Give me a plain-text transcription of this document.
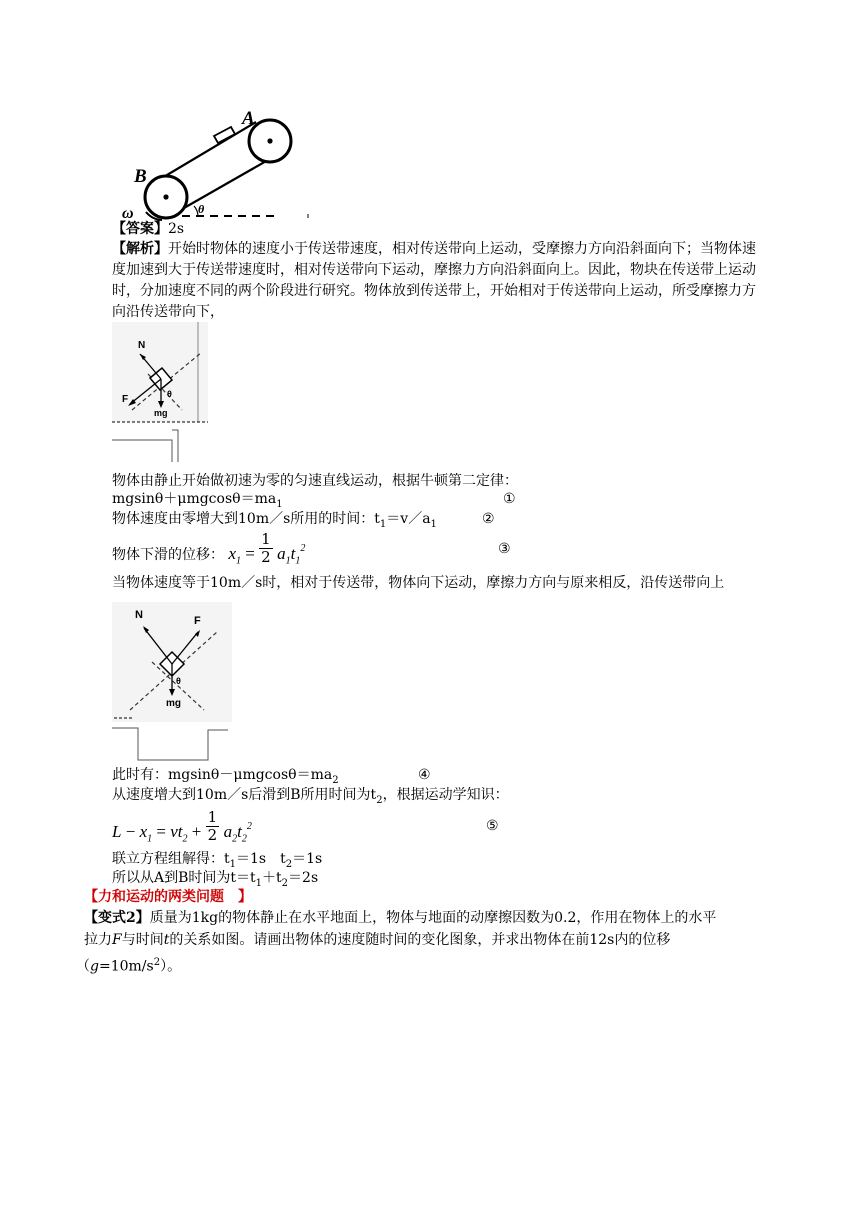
A
B
θ
ω
【答案】2s
【解析】开始时物体的速度小于传送带速度，相对传送带向上运动，受摩擦力方向沿斜面向下；当物体速
度加速到大于传送带速度时，相对传送带向下运动，摩擦力方向沿斜面向上。因此，物块在传送带上运动
时，分加速度不同的两个阶段进行研究。物体放到传送带上，开始相对于传送带向上运动，所受摩擦力方
向沿传送带向下，
N
F
mg
θ
物体由静止开始做初速为零的匀速直线运动，根据牛顿第二定律：
$mgsin\theta+\mu mgcos\theta=ma_1$	①
物体速度由零增大到10m／s所用的时间：$t_1=v/a_1$	②
物体下滑的位移： $x_1 = \frac{1}{2} a_1t_1^2$	③
当物体速度等于10m／s时，相对于传送带，物体向下运动，摩擦力方向与原来相反，沿传送带向上
N	F
mg
θ
此时有：$mgsin\theta-\mu mgcos\theta=ma_2$	④
从速度增大到10m／s后滑到B所用时间为$t_2$，根据运动学知识：
$L - x_1 = vt_2 + \frac{1}{2} a_2t_2^2$	⑤
联立方程组解得：$t_1=1s$　$t_2=1s$
所以从A到B时间为$t=t_1+t_2=2s$
【力和运动的两类问题　】
【变式2】质量为1kg的物体静止在水平地面上，物体与地面的动摩擦因数为0.2，作用在物体上的水平
拉力F与时间t的关系如图。请画出物体的速度随时间的变化图象，并求出物体在前12s内的位移
$(g=10m/s^2)$。
